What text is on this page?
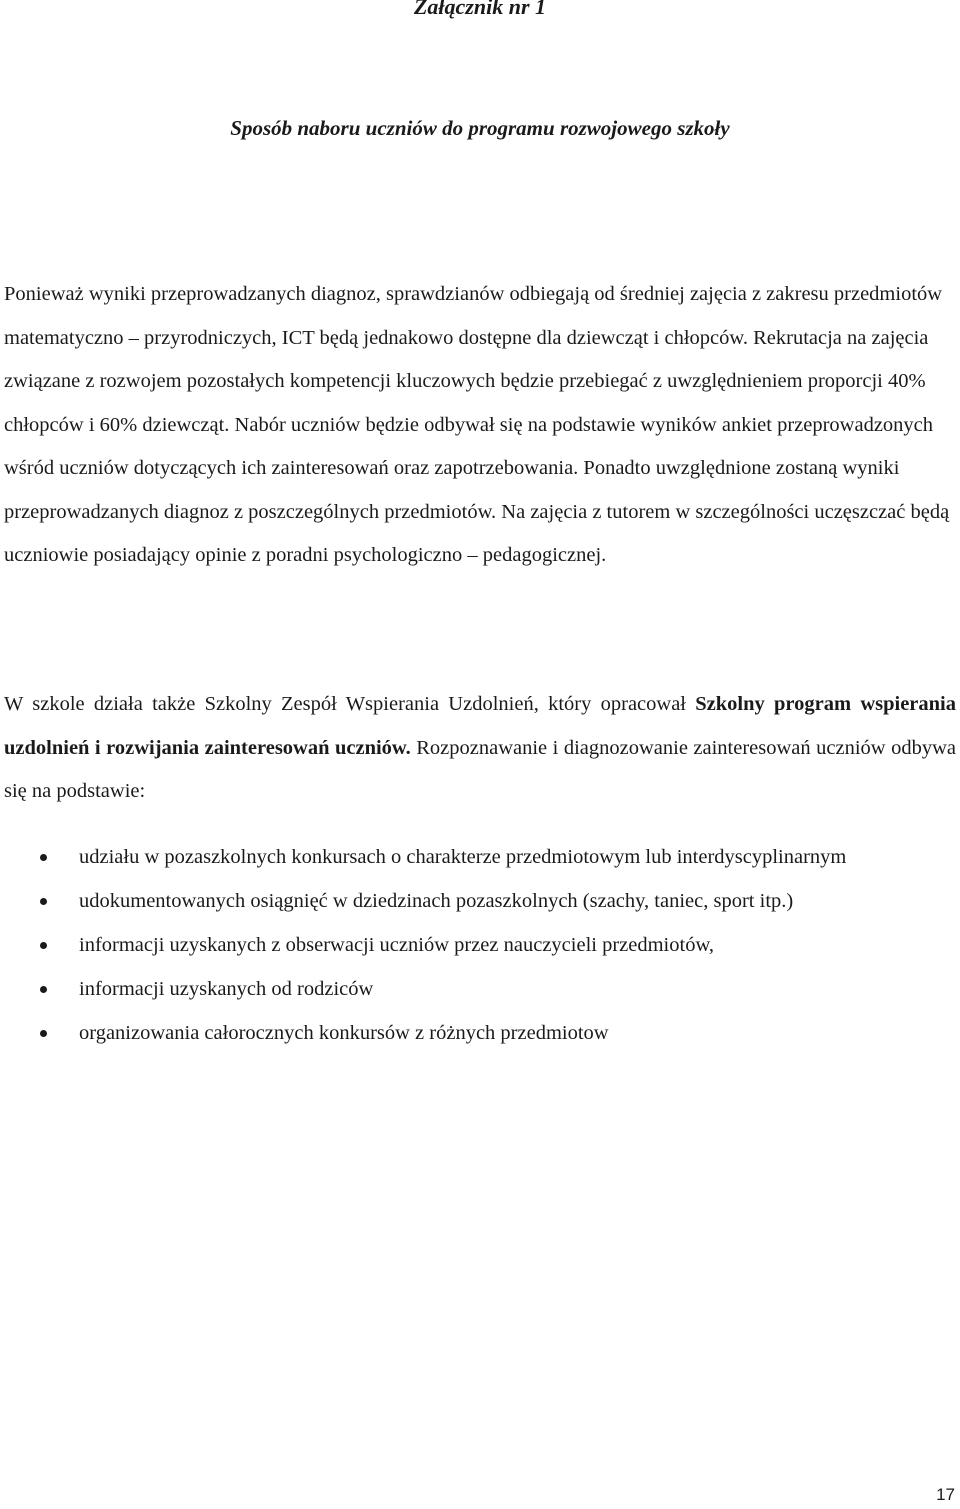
Załącznik nr 1
Sposób naboru uczniów do programu rozwojowego szkoły

Ponieważ wyniki przeprowadzanych diagnoz, sprawdzianów odbiegają od średniej zajęcia z zakresu przedmiotów matematyczno – przyrodniczych, ICT będą jednakowo dostępne dla dziewcząt i chłopców. Rekrutacja na zajęcia związane z rozwojem pozostałych kompetencji kluczowych będzie przebiegać z uwzględnieniem proporcji 40% chłopców i 60% dziewcząt. Nabór uczniów będzie odbywał się na podstawie wyników ankiet przeprowadzonych wśród uczniów dotyczących ich zainteresowań oraz zapotrzebowania. Ponadto uwzględnione zostaną wyniki przeprowadzanych diagnoz z poszczególnych przedmiotów. Na zajęcia z tutorem w szczególności uczęszczać będą uczniowie posiadający opinie z poradni psychologiczno – pedagogicznej.

W szkole działa także Szkolny Zespół Wspierania Uzdolnień, który opracował Szkolny program wspierania uzdolnień i rozwijania zainteresowań uczniów. Rozpoznawanie i diagnozowanie zainteresowań uczniów odbywa się na podstawie:

udziału w pozaszkolnych konkursach o charakterze przedmiotowym lub interdyscyplinarnym
udokumentowanych osiągnięć w dziedzinach pozaszkolnych (szachy, taniec, sport itp.)
informacji uzyskanych z obserwacji uczniów przez nauczycieli przedmiotów,
informacji uzyskanych od rodziców
organizowania całorocznych konkursów z różnych przedmiotow

17
